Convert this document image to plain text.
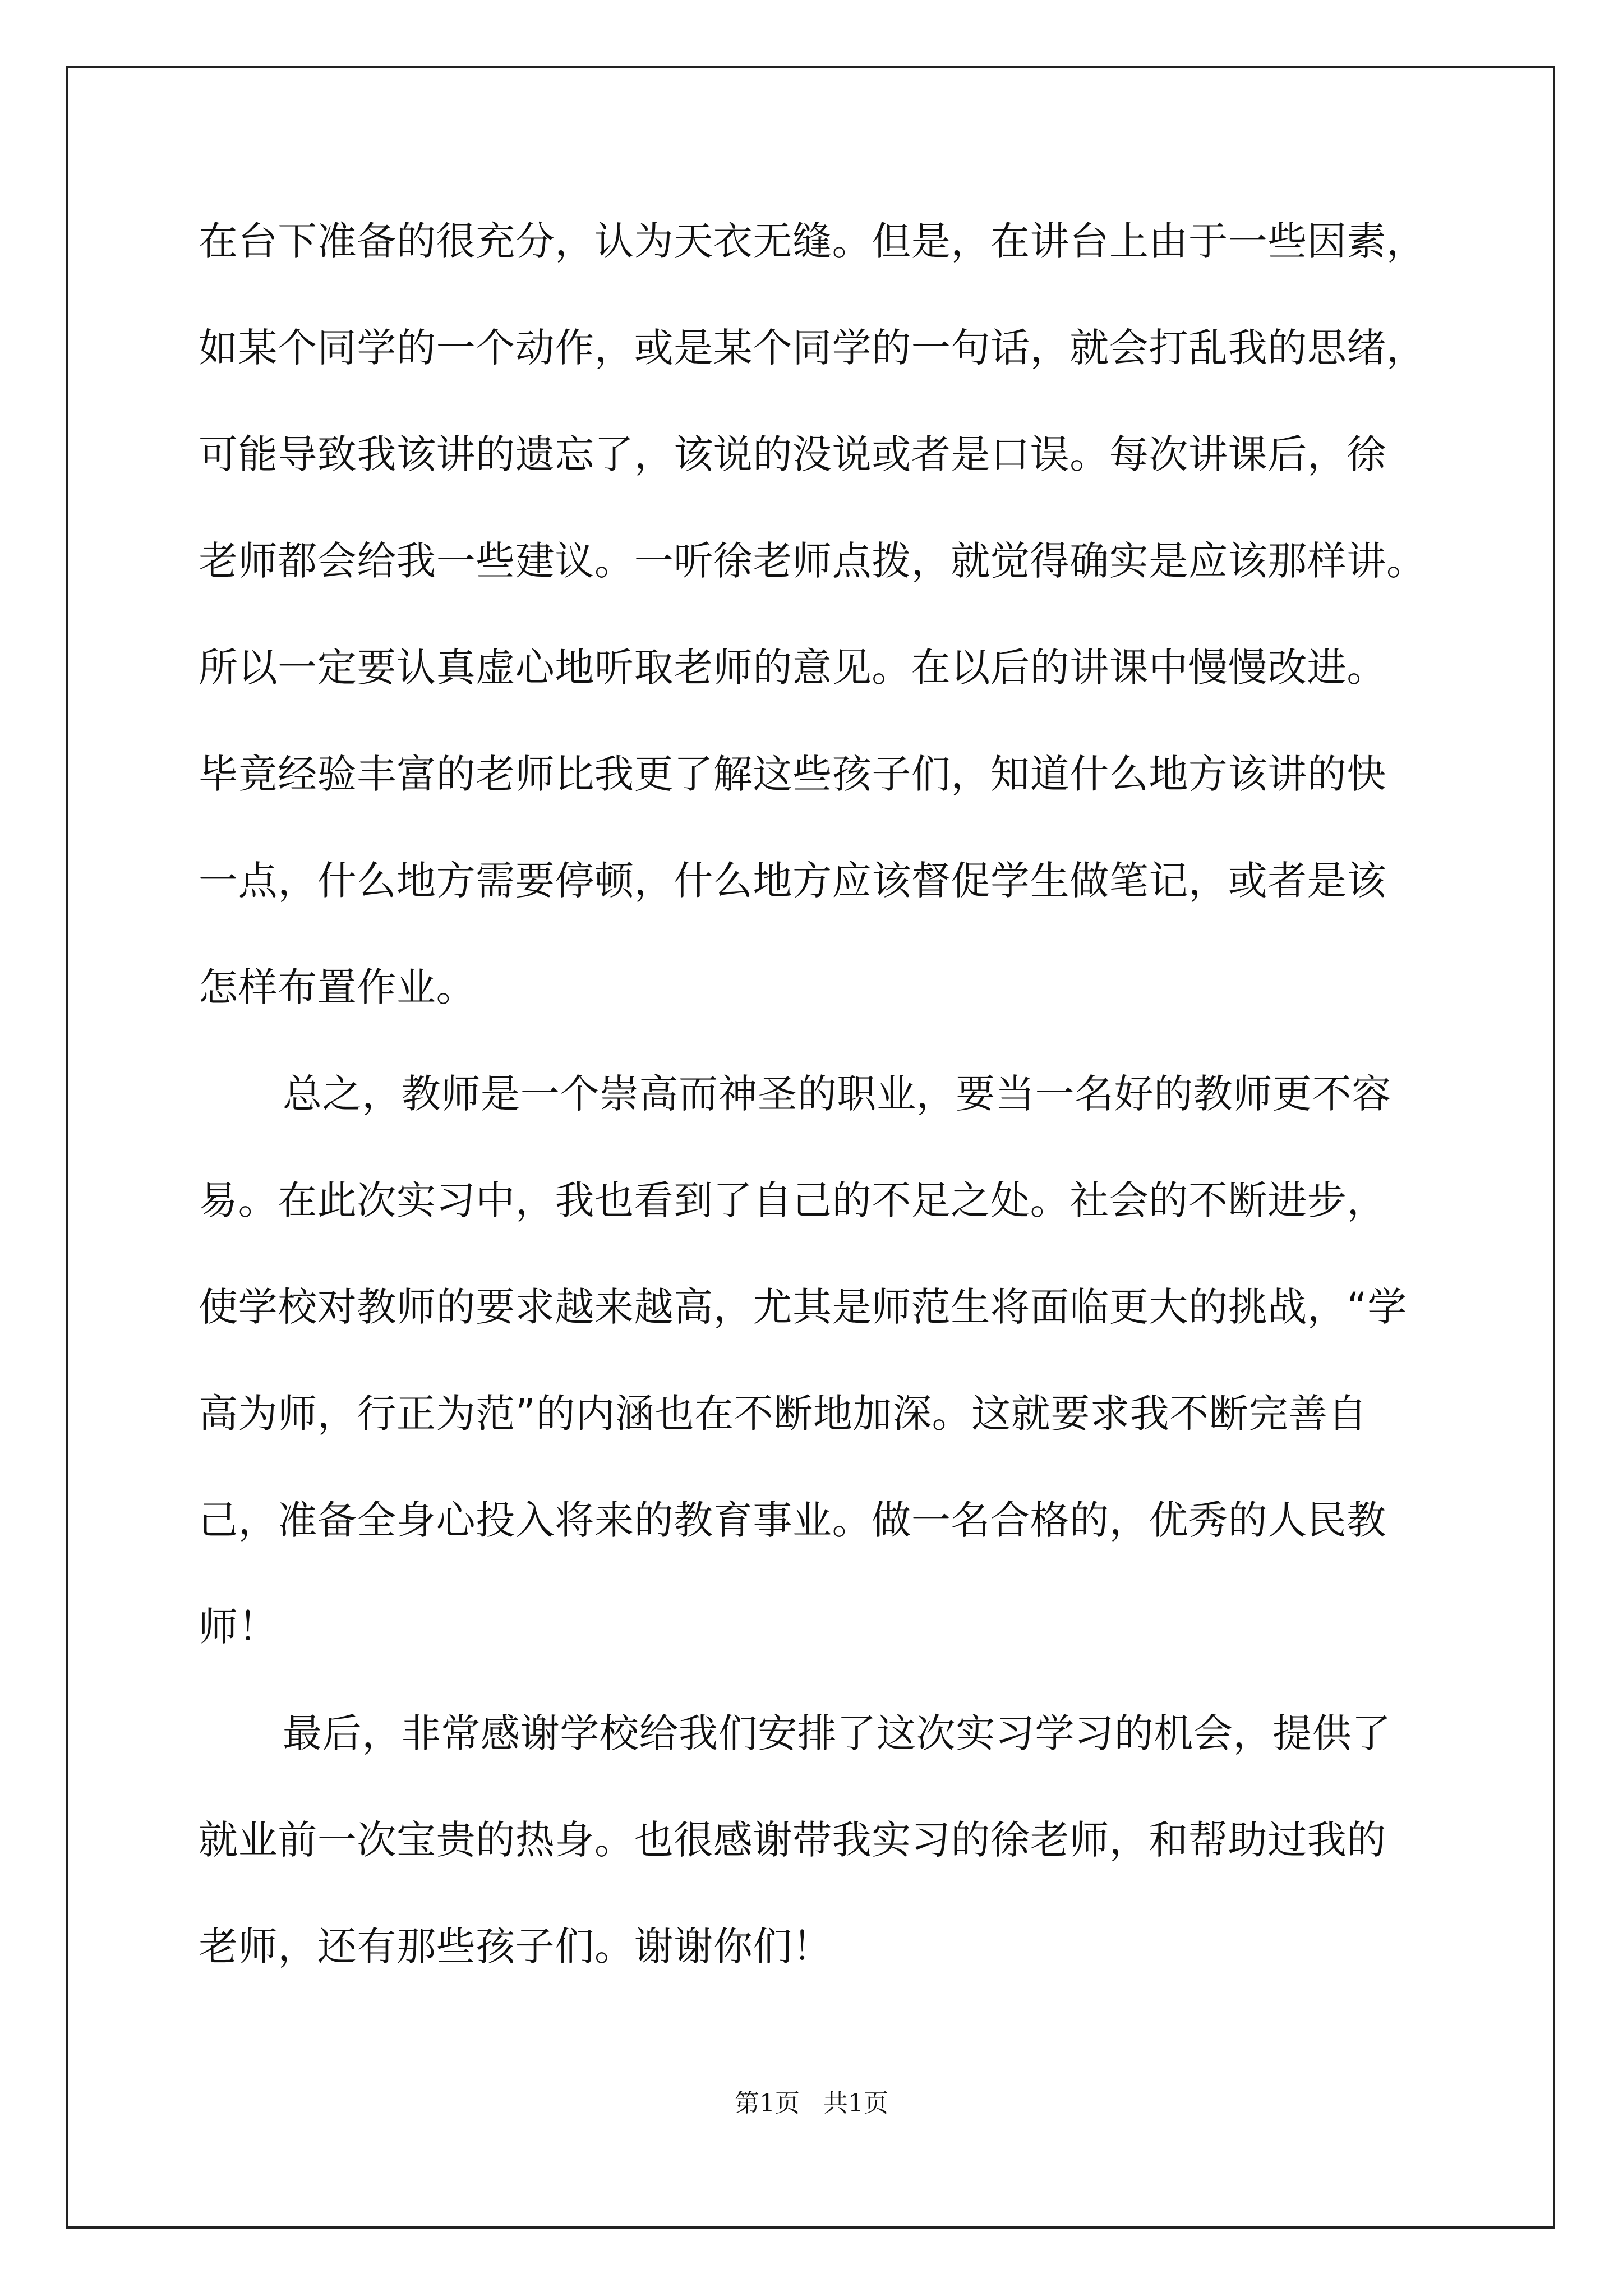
在台下准备的很充分，认为天衣无缝。但是，在讲台上由于一些因素，
如某个同学的一个动作，或是某个同学的一句话，就会打乱我的思绪，
可能导致我该讲的遗忘了，该说的没说或者是口误。每次讲课后，徐
老师都会给我一些建议。一听徐老师点拨，就觉得确实是应该那样讲。
所以一定要认真虚心地听取老师的意见。在以后的讲课中慢慢改进。
毕竟经验丰富的老师比我更了解这些孩子们，知道什么地方该讲的快
一点，什么地方需要停顿，什么地方应该督促学生做笔记，或者是该
怎样布置作业。
总之，教师是一个崇高而神圣的职业，要当一名好的教师更不容
易。在此次实习中，我也看到了自己的不足之处。社会的不断进步，
使学校对教师的要求越来越高，尤其是师范生将面临更大的挑战，“学
高为师，行正为范”的内涵也在不断地加深。这就要求我不断完善自
己，准备全身心投入将来的教育事业。做一名合格的，优秀的人民教
师！
最后，非常感谢学校给我们安排了这次实习学习的机会，提供了
就业前一次宝贵的热身。也很感谢带我实习的徐老师，和帮助过我的
老师，还有那些孩子们。谢谢你们！
第1页   共1页
